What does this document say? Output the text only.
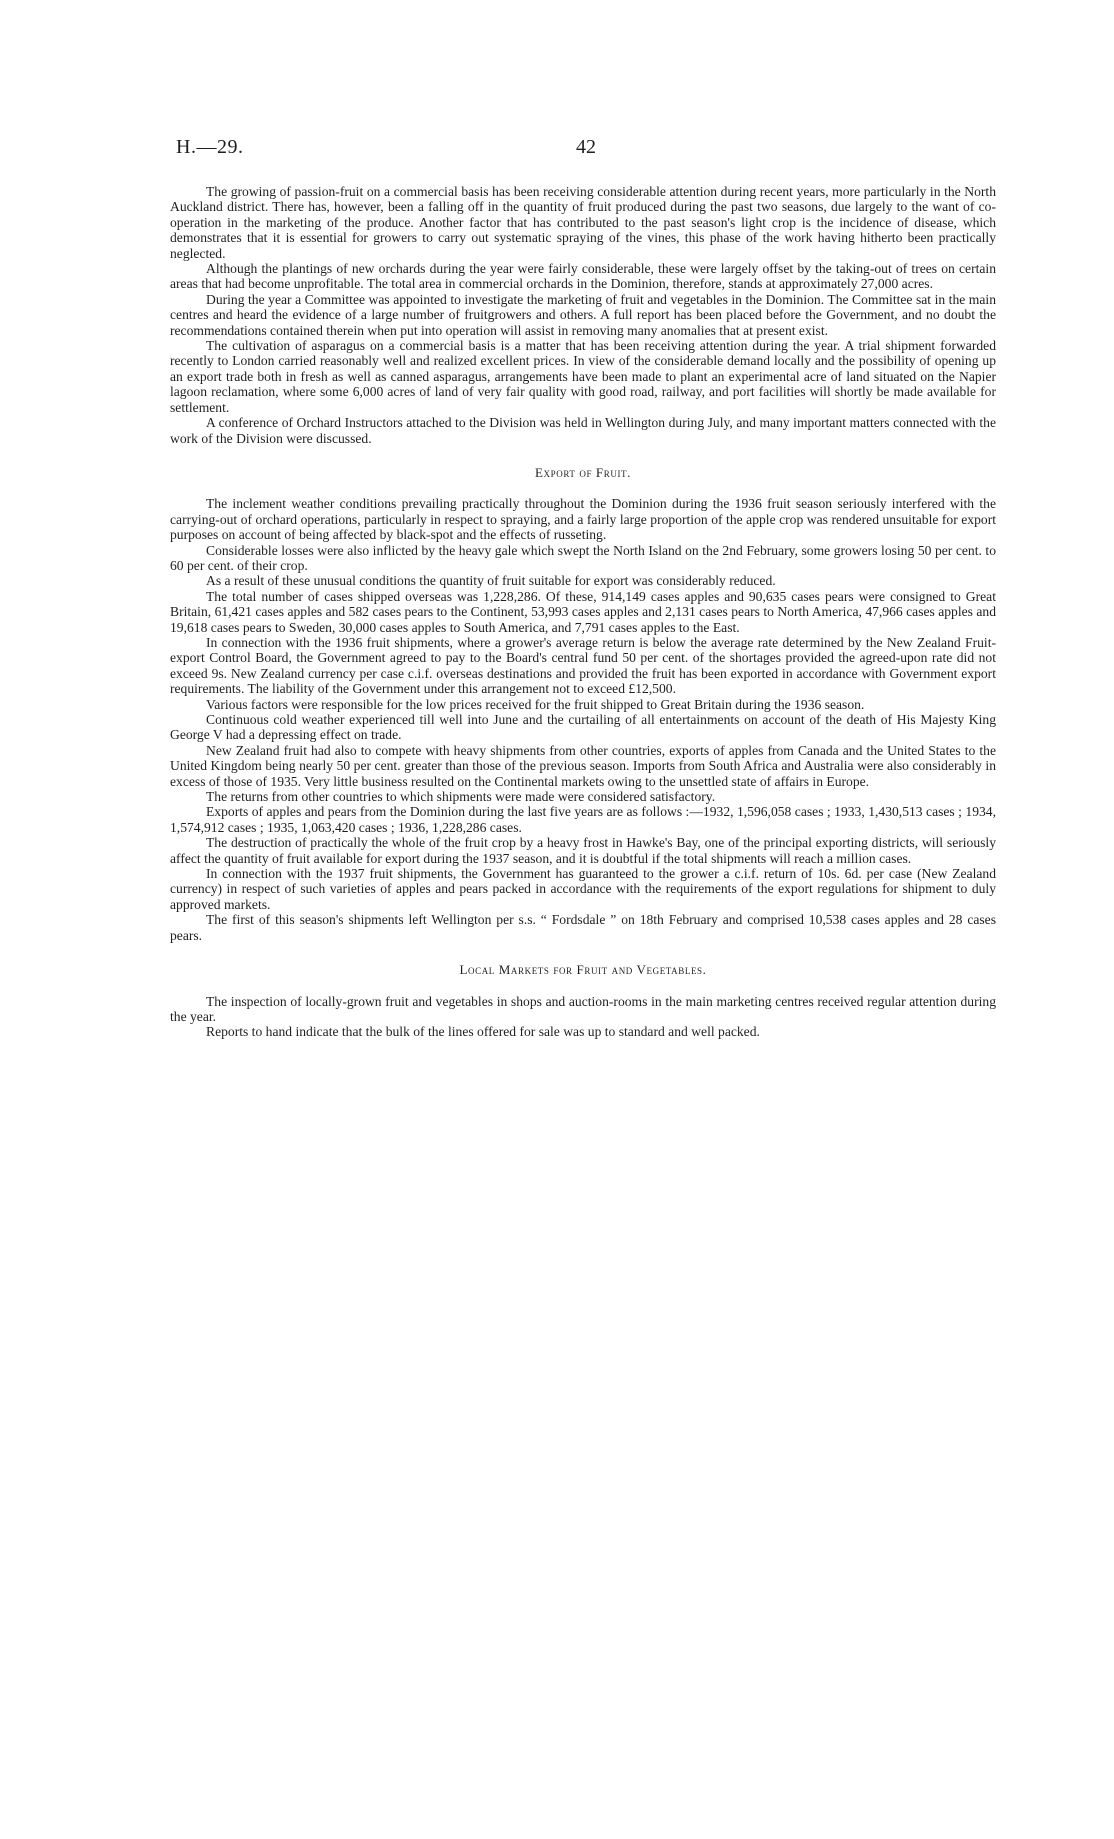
H.—29.	42

The growing of passion-fruit on a commercial basis has been receiving considerable attention during recent years, more particularly in the North Auckland district. There has, however, been a falling off in the quantity of fruit produced during the past two seasons, due largely to the want of co-operation in the marketing of the produce. Another factor that has contributed to the past season's light crop is the incidence of disease, which demonstrates that it is essential for growers to carry out systematic spraying of the vines, this phase of the work having hitherto been practically neglected.

Although the plantings of new orchards during the year were fairly considerable, these were largely offset by the taking-out of trees on certain areas that had become unprofitable. The total area in commercial orchards in the Dominion, therefore, stands at approximately 27,000 acres.

During the year a Committee was appointed to investigate the marketing of fruit and vegetables in the Dominion. The Committee sat in the main centres and heard the evidence of a large number of fruitgrowers and others. A full report has been placed before the Government, and no doubt the recommendations contained therein when put into operation will assist in removing many anomalies that at present exist.

The cultivation of asparagus on a commercial basis is a matter that has been receiving attention during the year. A trial shipment forwarded recently to London carried reasonably well and realized excellent prices. In view of the considerable demand locally and the possibility of opening up an export trade both in fresh as well as canned asparagus, arrangements have been made to plant an experimental acre of land situated on the Napier lagoon reclamation, where some 6,000 acres of land of very fair quality with good road, railway, and port facilities will shortly be made available for settlement.

A conference of Orchard Instructors attached to the Division was held in Wellington during July, and many important matters connected with the work of the Division were discussed.

Export of Fruit.

The inclement weather conditions prevailing practically throughout the Dominion during the 1936 fruit season seriously interfered with the carrying-out of orchard operations, particularly in respect to spraying, and a fairly large proportion of the apple crop was rendered unsuitable for export purposes on account of being affected by black-spot and the effects of russeting.

Considerable losses were also inflicted by the heavy gale which swept the North Island on the 2nd February, some growers losing 50 per cent. to 60 per cent. of their crop.

As a result of these unusual conditions the quantity of fruit suitable for export was considerably reduced.

The total number of cases shipped overseas was 1,228,286. Of these, 914,149 cases apples and 90,635 cases pears were consigned to Great Britain, 61,421 cases apples and 582 cases pears to the Continent, 53,993 cases apples and 2,131 cases pears to North America, 47,966 cases apples and 19,618 cases pears to Sweden, 30,000 cases apples to South America, and 7,791 cases apples to the East.

In connection with the 1936 fruit shipments, where a grower's average return is below the average rate determined by the New Zealand Fruit-export Control Board, the Government agreed to pay to the Board's central fund 50 per cent. of the shortages provided the agreed-upon rate did not exceed 9s. New Zealand currency per case c.i.f. overseas destinations and provided the fruit has been exported in accordance with Government export requirements. The liability of the Government under this arrangement not to exceed £12,500.

Various factors were responsible for the low prices received for the fruit shipped to Great Britain during the 1936 season.

Continuous cold weather experienced till well into June and the curtailing of all entertainments on account of the death of His Majesty King George V had a depressing effect on trade.

New Zealand fruit had also to compete with heavy shipments from other countries, exports of apples from Canada and the United States to the United Kingdom being nearly 50 per cent. greater than those of the previous season. Imports from South Africa and Australia were also considerably in excess of those of 1935. Very little business resulted on the Continental markets owing to the unsettled state of affairs in Europe.

The returns from other countries to which shipments were made were considered satisfactory.

Exports of apples and pears from the Dominion during the last five years are as follows :—1932, 1,596,058 cases ; 1933, 1,430,513 cases ; 1934, 1,574,912 cases ; 1935, 1,063,420 cases ; 1936, 1,228,286 cases.

The destruction of practically the whole of the fruit crop by a heavy frost in Hawke's Bay, one of the principal exporting districts, will seriously affect the quantity of fruit available for export during the 1937 season, and it is doubtful if the total shipments will reach a million cases.

In connection with the 1937 fruit shipments, the Government has guaranteed to the grower a c.i.f. return of 10s. 6d. per case (New Zealand currency) in respect of such varieties of apples and pears packed in accordance with the requirements of the export regulations for shipment to duly approved markets.

The first of this season's shipments left Wellington per s.s. “ Fordsdale ” on 18th February and comprised 10,538 cases apples and 28 cases pears.

Local Markets for Fruit and Vegetables.

The inspection of locally-grown fruit and vegetables in shops and auction-rooms in the main marketing centres received regular attention during the year.

Reports to hand indicate that the bulk of the lines offered for sale was up to standard and well packed.
